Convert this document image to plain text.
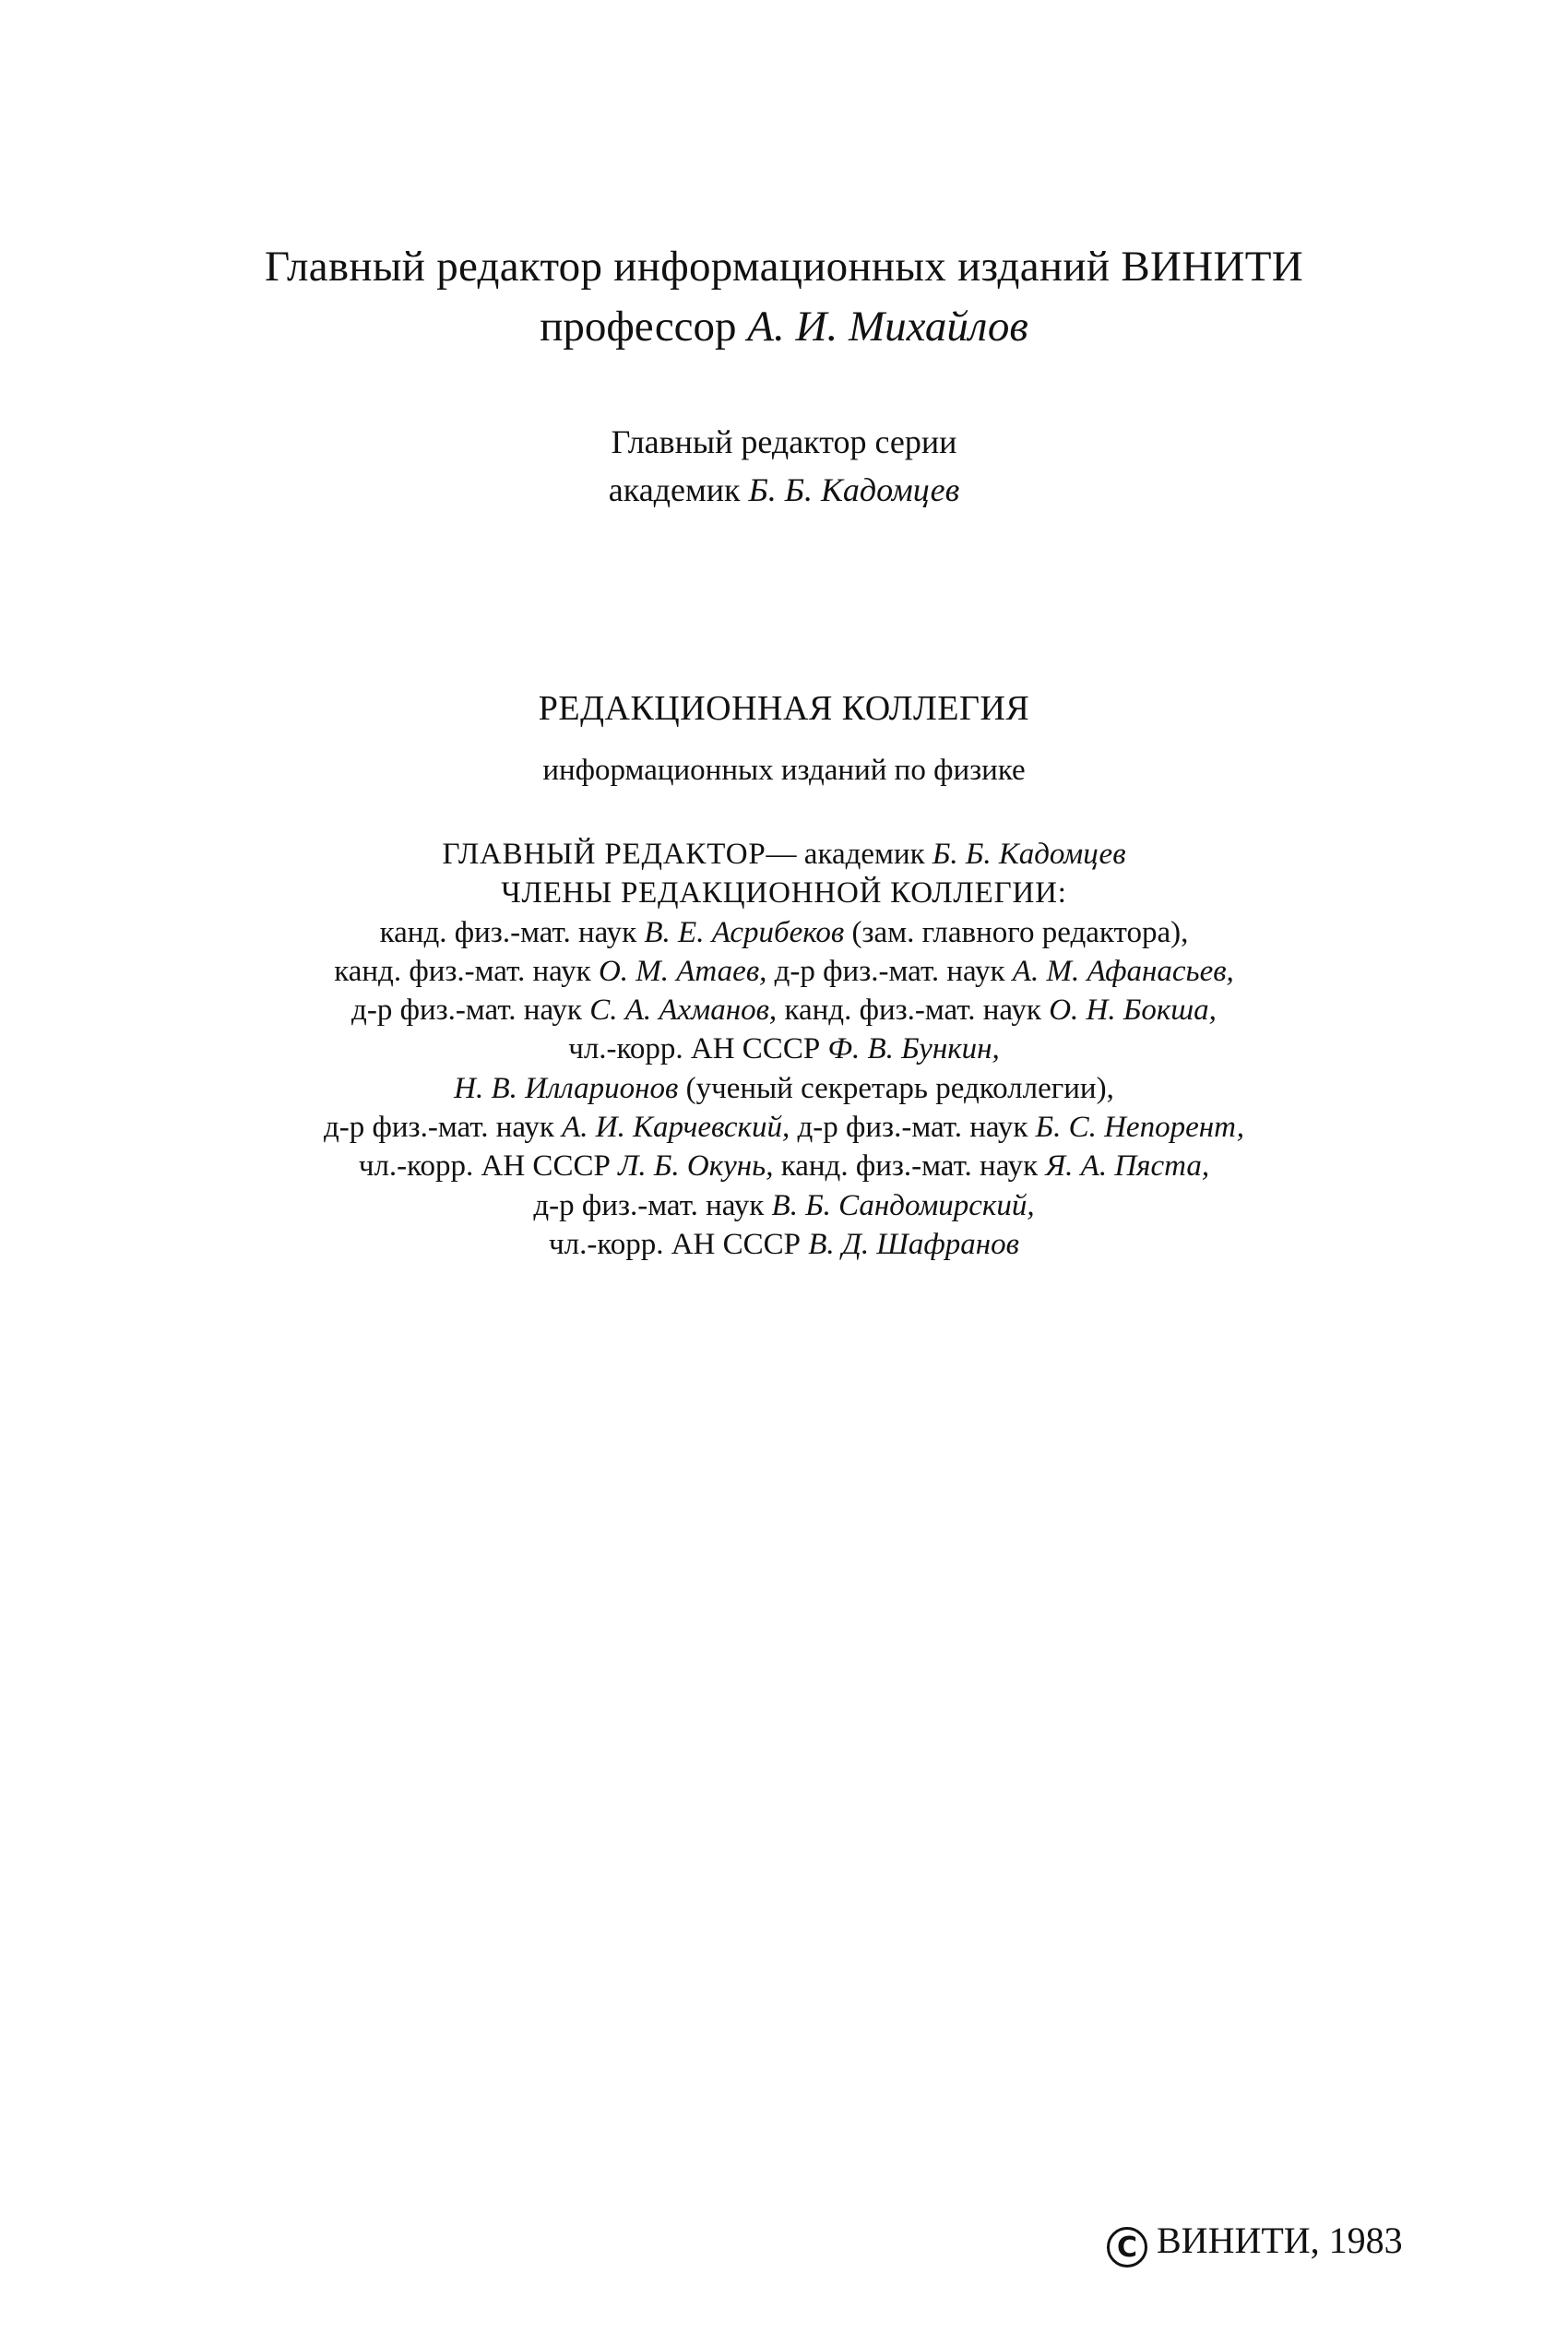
Главный редактор информационных изданий ВИНИТИ
профессор А. И. Михайлов
Главный редактор серии
академик Б. Б. Кадомцев
РЕДАКЦИОННАЯ КОЛЛЕГИЯ
информационных изданий по физике
ГЛАВНЫЙ РЕДАКТОР— академик Б. Б. Кадомцев
ЧЛЕНЫ РЕДАКЦИОННОЙ КОЛЛЕГИИ:
канд. физ.-мат. наук В. Е. Асрибеков (зам. главного редактора),
канд. физ.-мат. наук О. М. Атаев, д-р физ.-мат. наук А. М. Афанасьев,
д-р физ.-мат. наук С. А. Ахманов, канд. физ.-мат. наук О. Н. Бокша,
чл.-корр. АН СССР Ф. В. Бункин,
Н. В. Илларионов (ученый секретарь редколлегии),
д-р физ.-мат. наук А. И. Карчевский, д-р физ.-мат. наук Б. С. Непорент,
чл.-корр. АН СССР Л. Б. Окунь, канд. физ.-мат. наук Я. А. Пяста,
д-р физ.-мат. наук В. Б. Сандомирский,
чл.-корр. АН СССР В. Д. Шафранов
C ВИНИТИ, 1983
